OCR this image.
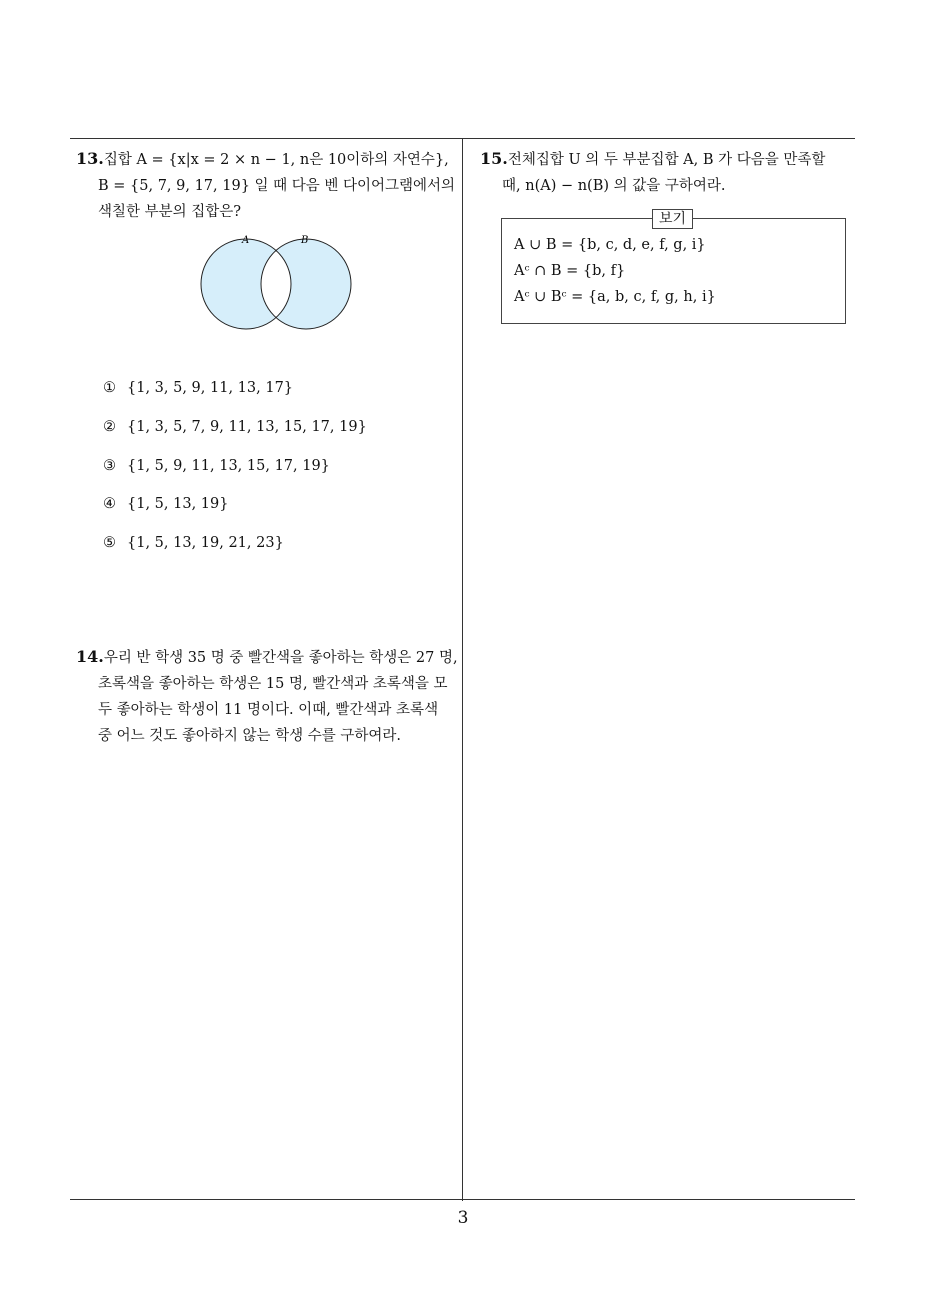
13.집합 A = {x|x = 2 × n − 1, n은 10이하의 자연수},
B = {5, 7, 9, 17, 19} 일 때 다음 벤 다이어그램에서의
색칠한 부분의 집합은?
A	B
① {1, 3, 5, 9, 11, 13, 17}
② {1, 3, 5, 7, 9, 11, 13, 15, 17, 19}
③ {1, 5, 9, 11, 13, 15, 17, 19}
④ {1, 5, 13, 19}
⑤ {1, 5, 13, 19, 21, 23}
14.우리 반 학생 35 명 중 빨간색을 좋아하는 학생은 27 명,
초록색을 좋아하는 학생은 15 명, 빨간색과 초록색을 모
두 좋아하는 학생이 11 명이다. 이때, 빨간색과 초록색
중 어느 것도 좋아하지 않는 학생 수를 구하여라.
15.전체집합 U 의 두 부분집합 A, B 가 다음을 만족할
때, n(A) − n(B) 의 값을 구하여라.
보기
A ∪ B = {b, c, d, e, f, g, i}
Aᶜ ∩ B = {b, f}
Aᶜ ∪ Bᶜ = {a, b, c, f, g, h, i}
3
